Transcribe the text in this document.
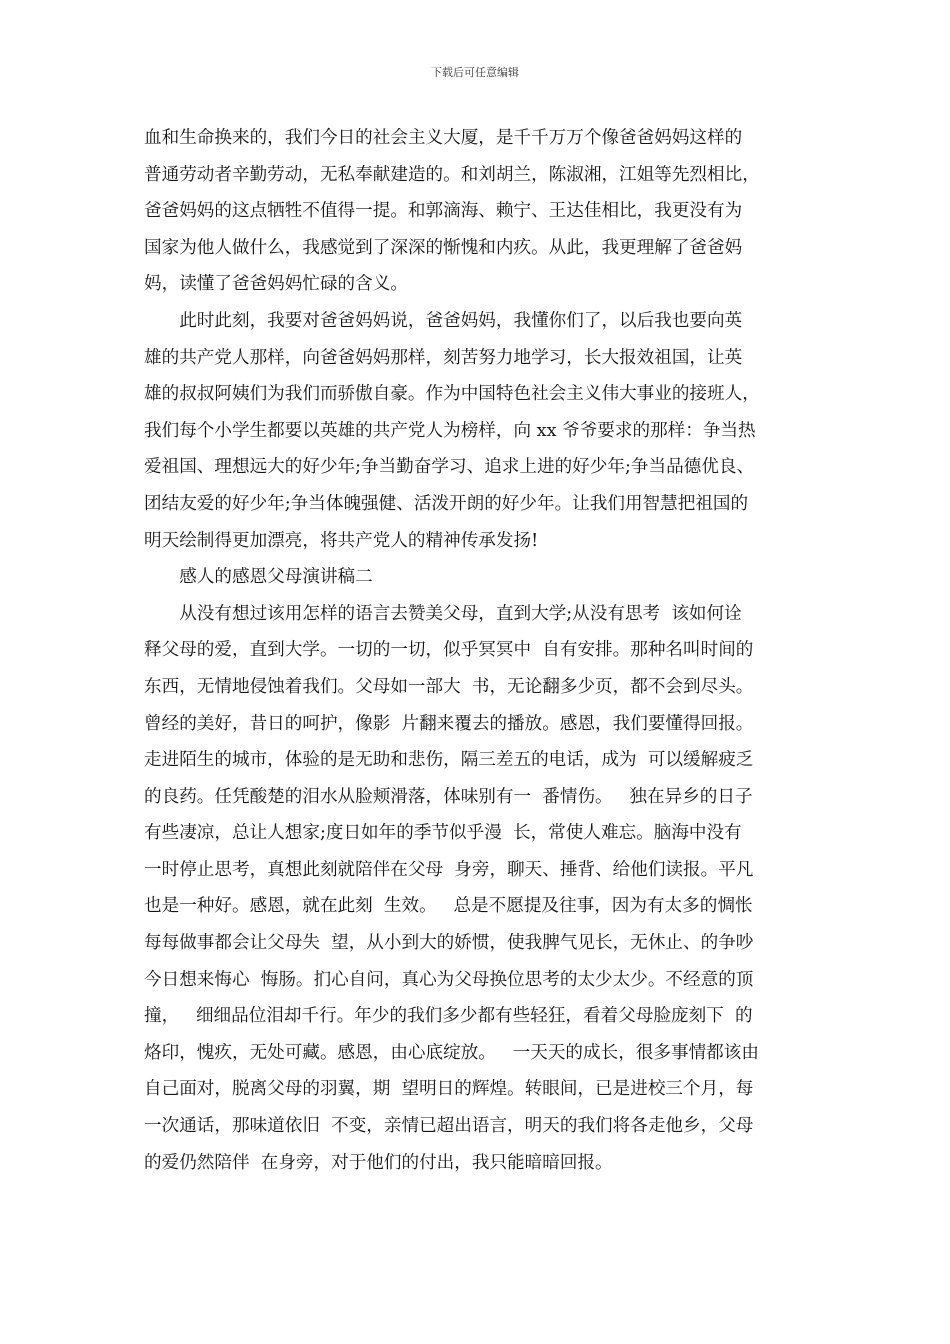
下载后可任意编辑
血和生命换来的，我们今日的社会主义大厦，是千千万万个像爸爸妈妈这样的
普通劳动者辛勤劳动，无私奉献建造的。和刘胡兰，陈淑湘，江姐等先烈相比，
爸爸妈妈的这点牺牲不值得一提。和郭滴海、赖宁、王达佳相比，我更没有为
国家为他人做什么，我感觉到了深深的惭愧和内疚。从此，我更理解了爸爸妈
妈，读懂了爸爸妈妈忙碌的含义。
　　此时此刻，我要对爸爸妈妈说，爸爸妈妈，我懂你们了，以后我也要向英
雄的共产党人那样，向爸爸妈妈那样，刻苦努力地学习，长大报效祖国，让英
雄的叔叔阿姨们为我们而骄傲自豪。作为中国特色社会主义伟大事业的接班人，
我们每个小学生都要以英雄的共产党人为榜样，向 xx 爷爷要求的那样：争当热
爱祖国、理想远大的好少年;争当勤奋学习、追求上进的好少年;争当品德优良、
团结友爱的好少年;争当体魄强健、活泼开朗的好少年。让我们用智慧把祖国的
明天绘制得更加漂亮，将共产党人的精神传承发扬!
　　感人的感恩父母演讲稿二
　　从没有想过该用怎样的语言去赞美父母，直到大学;从没有思考  该如何诠
释父母的爱，直到大学。一切的一切，似乎冥冥中  自有安排。那种名叫时间的
东西，无情地侵蚀着我们。父母如一部大  书，无论翻多少页，都不会到尽头。
曾经的美好，昔日的呵护，像影  片翻来覆去的播放。感恩，我们要懂得回报。
走进陌生的城市，体验的是无助和悲伤，隔三差五的电话，成为  可以缓解疲乏
的良药。任凭酸楚的泪水从脸颊滑落，体味别有一  番情伤。   独在异乡的日子
有些凄凉，总让人想家;度日如年的季节似乎漫  长，常使人难忘。脑海中没有
一时停止思考，真想此刻就陪伴在父母  身旁，聊天、捶背、给他们读报。平凡
也是一种好。感恩，就在此刻  生效。   总是不愿提及往事，因为有太多的惆怅
每每做事都会让父母失  望，从小到大的娇惯，使我脾气见长，无休止、的争吵
今日想来悔心  悔肠。扪心自问，真心为父母换位思考的太少太少。不经意的顶
撞，   细细品位泪却千行。年少的我们多少都有些轻狂，看着父母脸庞刻下  的
烙印，愧疚，无处可藏。感恩，由心底绽放。   一天天的成长，很多事情都该由
自己面对，脱离父母的羽翼，期  望明日的辉煌。转眼间，已是进校三个月，每
一次通话，那味道依旧  不变，亲情已超出语言，明天的我们将各走他乡，父母
的爱仍然陪伴  在身旁，对于他们的付出，我只能暗暗回报。
